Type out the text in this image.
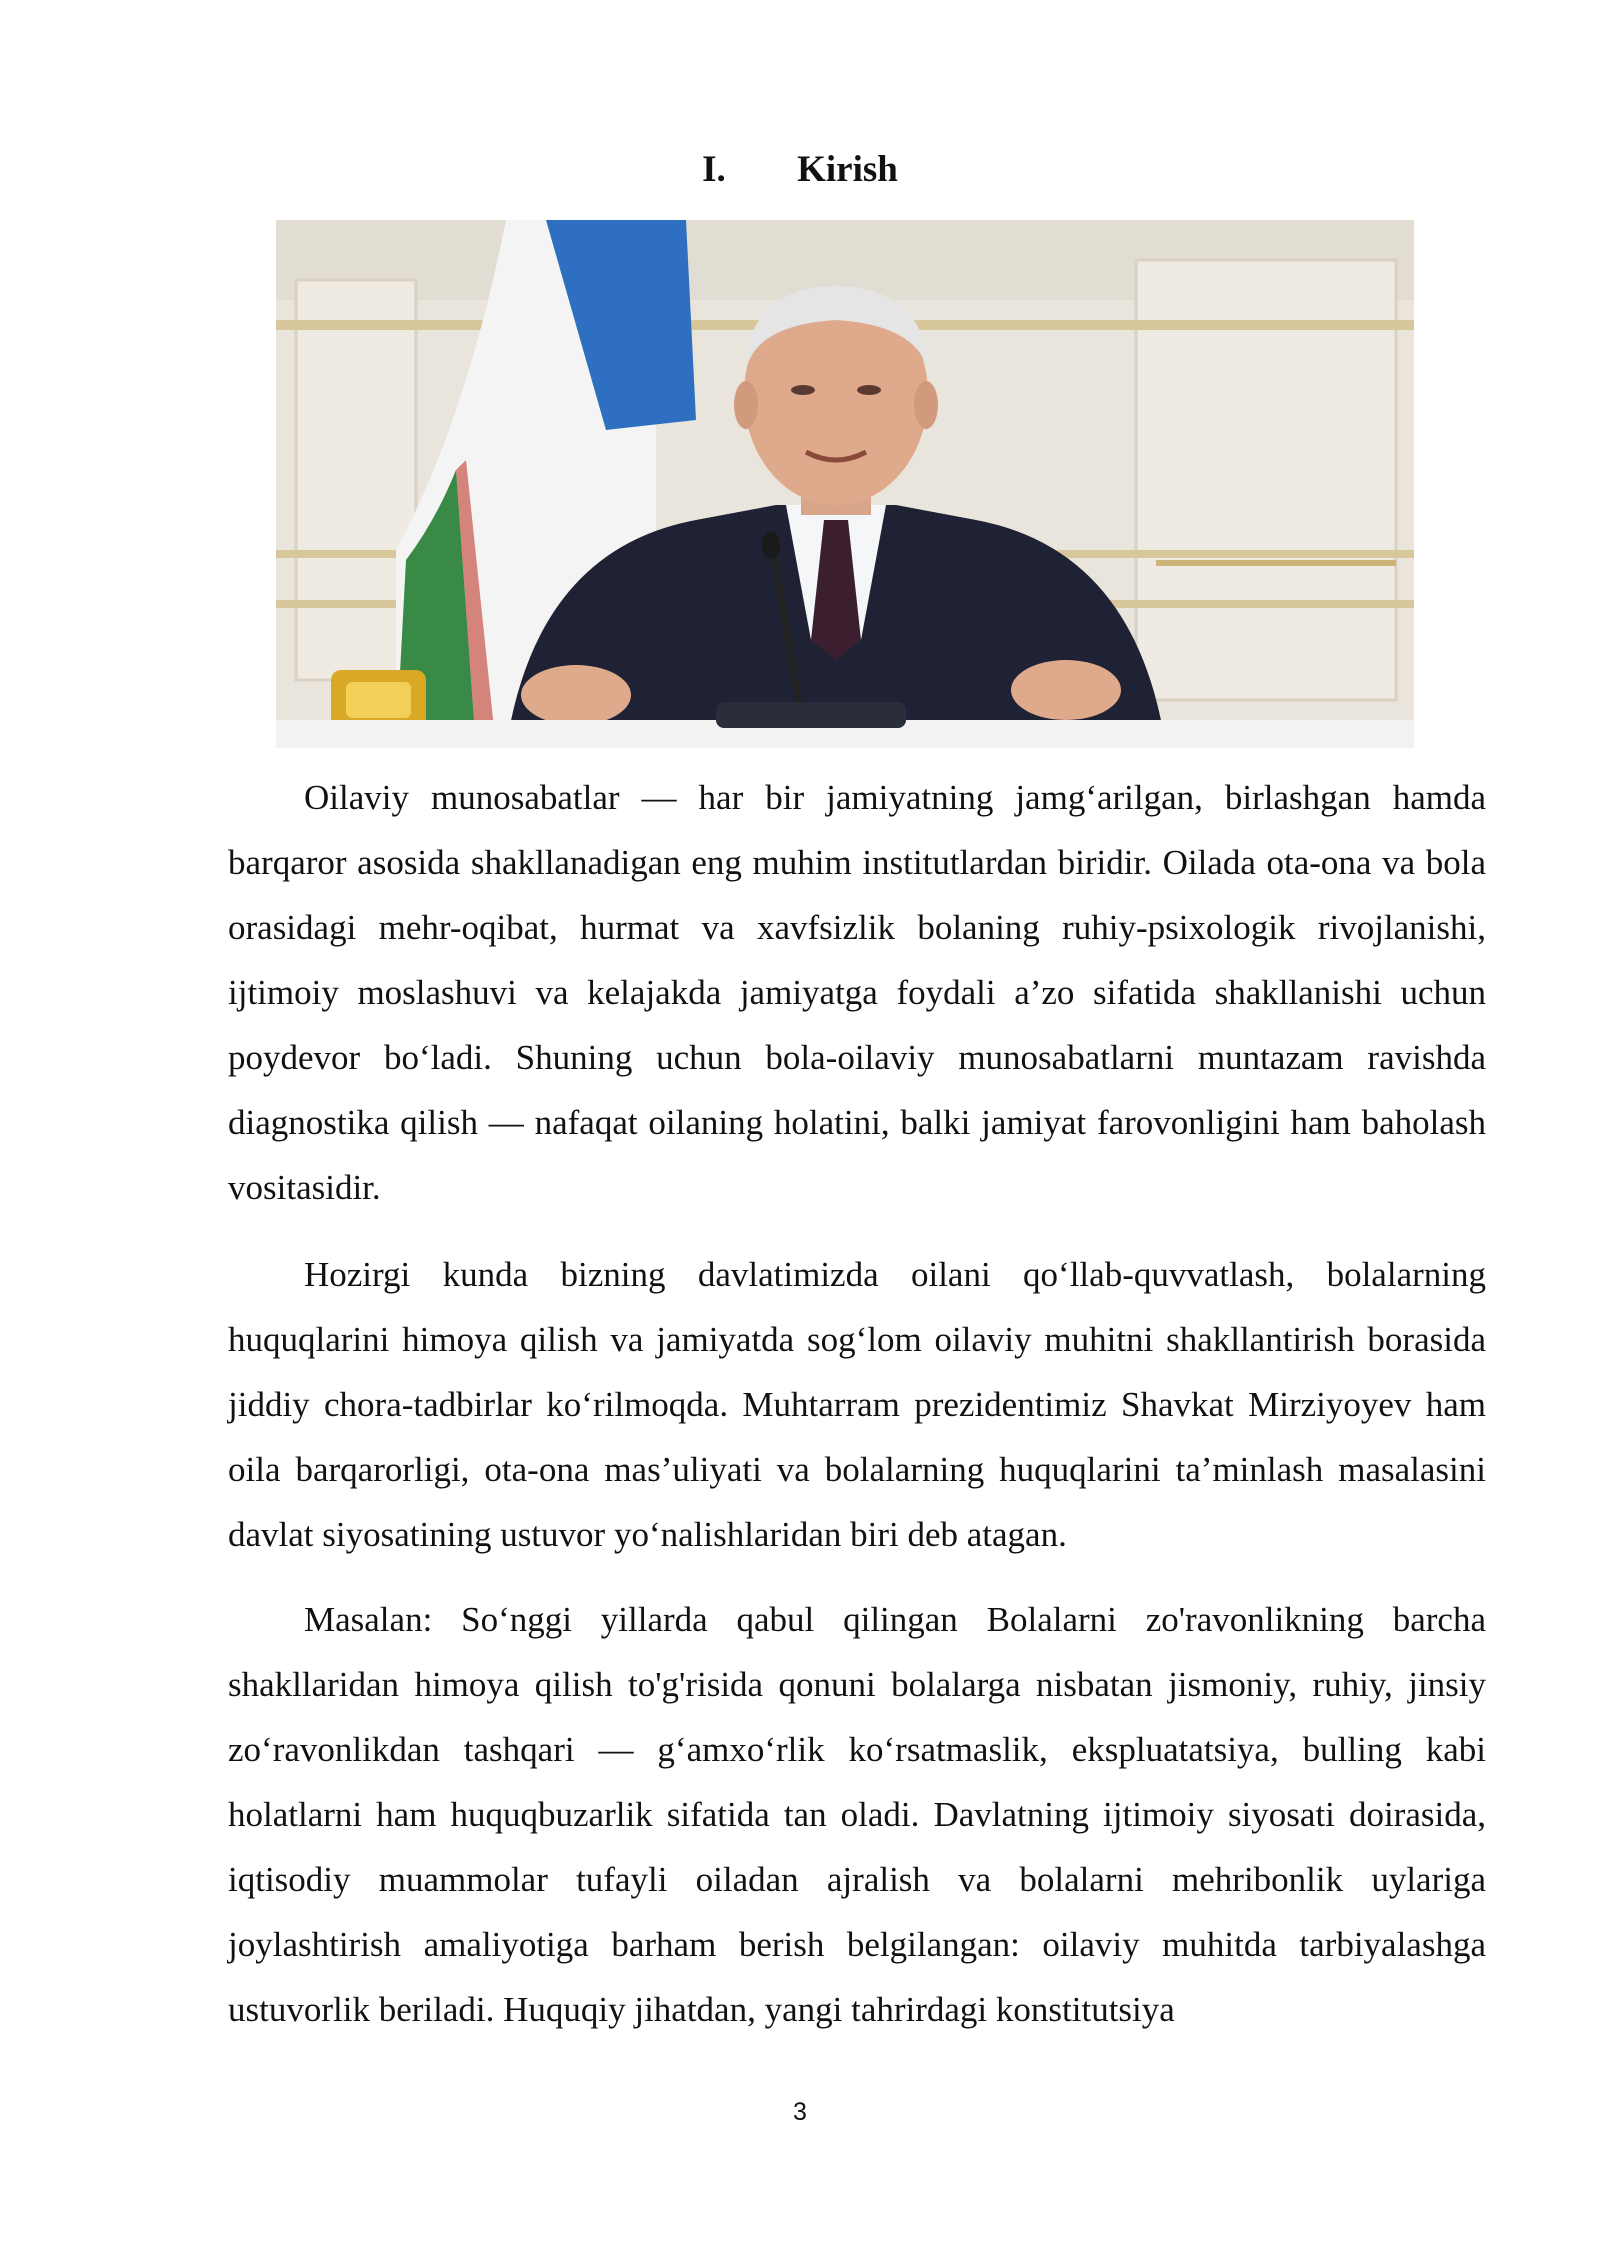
I. Kirish

Oilaviy munosabatlar — har bir jamiyatning jamg‘arilgan, birlashgan hamda barqaror asosida shakllanadigan eng muhim institutlardan biridir. Oilada ota-ona va bola orasidagi mehr-oqibat, hurmat va xavfsizlik bolaning ruhiy-psixologik rivojlanishi, ijtimoiy moslashuvi va kelajakda jamiyatga foydali a’zo sifatida shakllanishi uchun poydevor bo‘ladi. Shuning uchun bola-oilaviy munosabatlarni muntazam ravishda diagnostika qilish — nafaqat oilaning holatini, balki jamiyat farovonligini ham baholash vositasidir.

Hozirgi kunda bizning davlatimizda oilani qo‘llab-quvvatlash, bolalarning huquqlarini himoya qilish va jamiyatda sog‘lom oilaviy muhitni shakllantirish borasida jiddiy chora-tadbirlar ko‘rilmoqda. Muhtarram prezidentimiz Shavkat Mirziyoyev ham oila barqarorligi, ota-ona mas’uliyati va bolalarning huquqlarini ta’minlash masalasini davlat siyosatining ustuvor yo‘nalishlaridan biri deb atagan.

Masalan: So‘nggi yillarda qabul qilingan Bolalarni zo'ravonlikning barcha shakllaridan himoya qilish to'g'risida qonuni bolalarga nisbatan jismoniy, ruhiy, jinsiy zo‘ravonlikdan tashqari — g‘amxo‘rlik ko‘rsatmaslik, ekspluatatsiya, bulling kabi holatlarni ham huquqbuzarlik sifatida tan oladi. Davlatning ijtimoiy siyosati doirasida, iqtisodiy muammolar tufayli oiladan ajralish va bolalarni mehribonlik uylariga joylashtirish amaliyotiga barham berish belgilangan: oilaviy muhitda tarbiyalashga ustuvorlik beriladi. Huquqiy jihatdan, yangi tahrirdagi konstitutsiya

3
